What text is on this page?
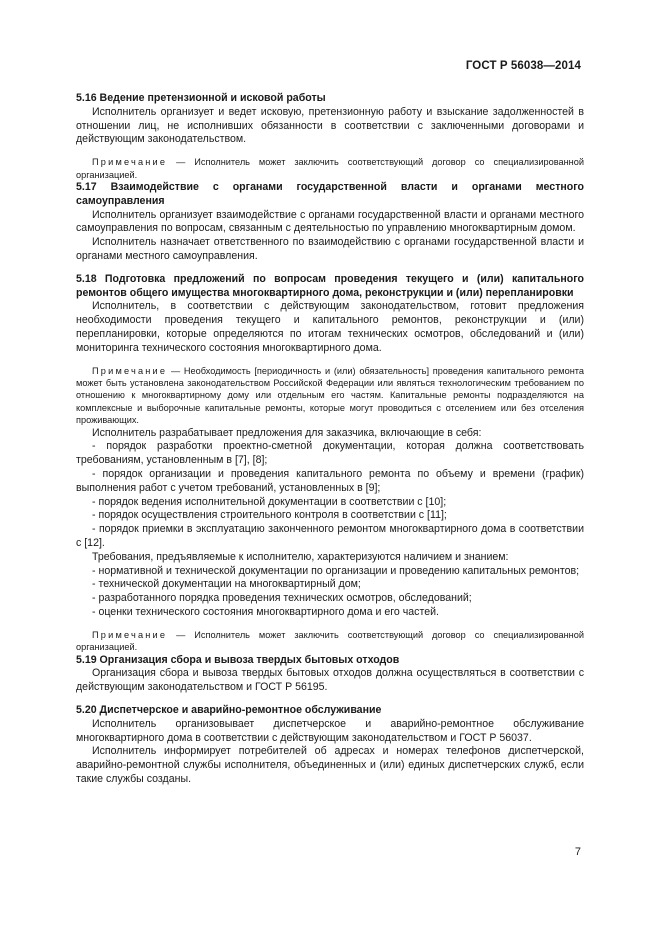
ГОСТ Р 56038—2014

5.16 Ведение претензионной и исковой работы

Исполнитель организует и ведет исковую, претензионную работу и взыскание задолженностей в отношении лиц, не исполнивших обязанности в соответствии с заключенными договорами и действующим законодательством.

Примечание — Исполнитель может заключить соответствующий договор со специализированной организацией.

5.17 Взаимодействие с органами государственной власти и органами местного самоуправления

Исполнитель организует взаимодействие с органами государственной власти и органами местного самоуправления по вопросам, связанным с деятельностью по управлению многоквартирным домом.

Исполнитель назначает ответственного по взаимодействию с органами государственной власти и органами местного самоуправления.

5.18 Подготовка предложений по вопросам проведения текущего и (или) капитального ремонтов общего имущества многоквартирного дома, реконструкции и (или) перепланировки

Исполнитель, в соответствии с действующим законодательством, готовит предложения необходимости проведения текущего и капитального ремонтов, реконструкции и (или) перепланировки, которые определяются по итогам технических осмотров, обследований и (или) мониторинга технического состояния многоквартирного дома.

Примечание — Необходимость [периодичность и (или) обязательность] проведения капитального ремонта может быть установлена законодательством Российской Федерации или являться технологическим требованием по отношению к многоквартирному дому или отдельным его частям. Капитальные ремонты подразделяются на комплексные и выборочные капитальные ремонты, которые могут проводиться с отселением или без отселения проживающих.

Исполнитель разрабатывает предложения для заказчика, включающие в себя:

- порядок разработки проектно-сметной документации, которая должна соответствовать требованиям, установленным в [7], [8];

- порядок организации и проведения капитального ремонта по объему и времени (график) выполнения работ с учетом требований, установленных в [9];

- порядок ведения исполнительной документации в соответствии с [10];

- порядок осуществления строительного контроля в соответствии с [11];

- порядок приемки в эксплуатацию законченного ремонтом многоквартирного дома в соответствии с [12].

Требования, предъявляемые к исполнителю, характеризуются наличием и знанием:

- нормативной и технической документации по организации и проведению капитальных ремонтов;

- технической документации на многоквартирный дом;

- разработанного порядка проведения технических осмотров, обследований;

- оценки технического состояния многоквартирного дома и его частей.

Примечание — Исполнитель может заключить соответствующий договор со специализированной организацией.

5.19 Организация сбора и вывоза твердых бытовых отходов

Организация сбора и вывоза твердых бытовых отходов должна осуществляться в соответствии с действующим законодательством и ГОСТ Р 56195.

5.20 Диспетчерское и аварийно-ремонтное обслуживание

Исполнитель организовывает диспетчерское и аварийно-ремонтное обслуживание многоквартирного дома в соответствии с действующим законодательством и ГОСТ Р 56037.

Исполнитель информирует потребителей об адресах и номерах телефонов диспетчерской, аварийно-ремонтной службы исполнителя, объединенных и (или) единых диспетчерских служб, если такие службы созданы.

7
